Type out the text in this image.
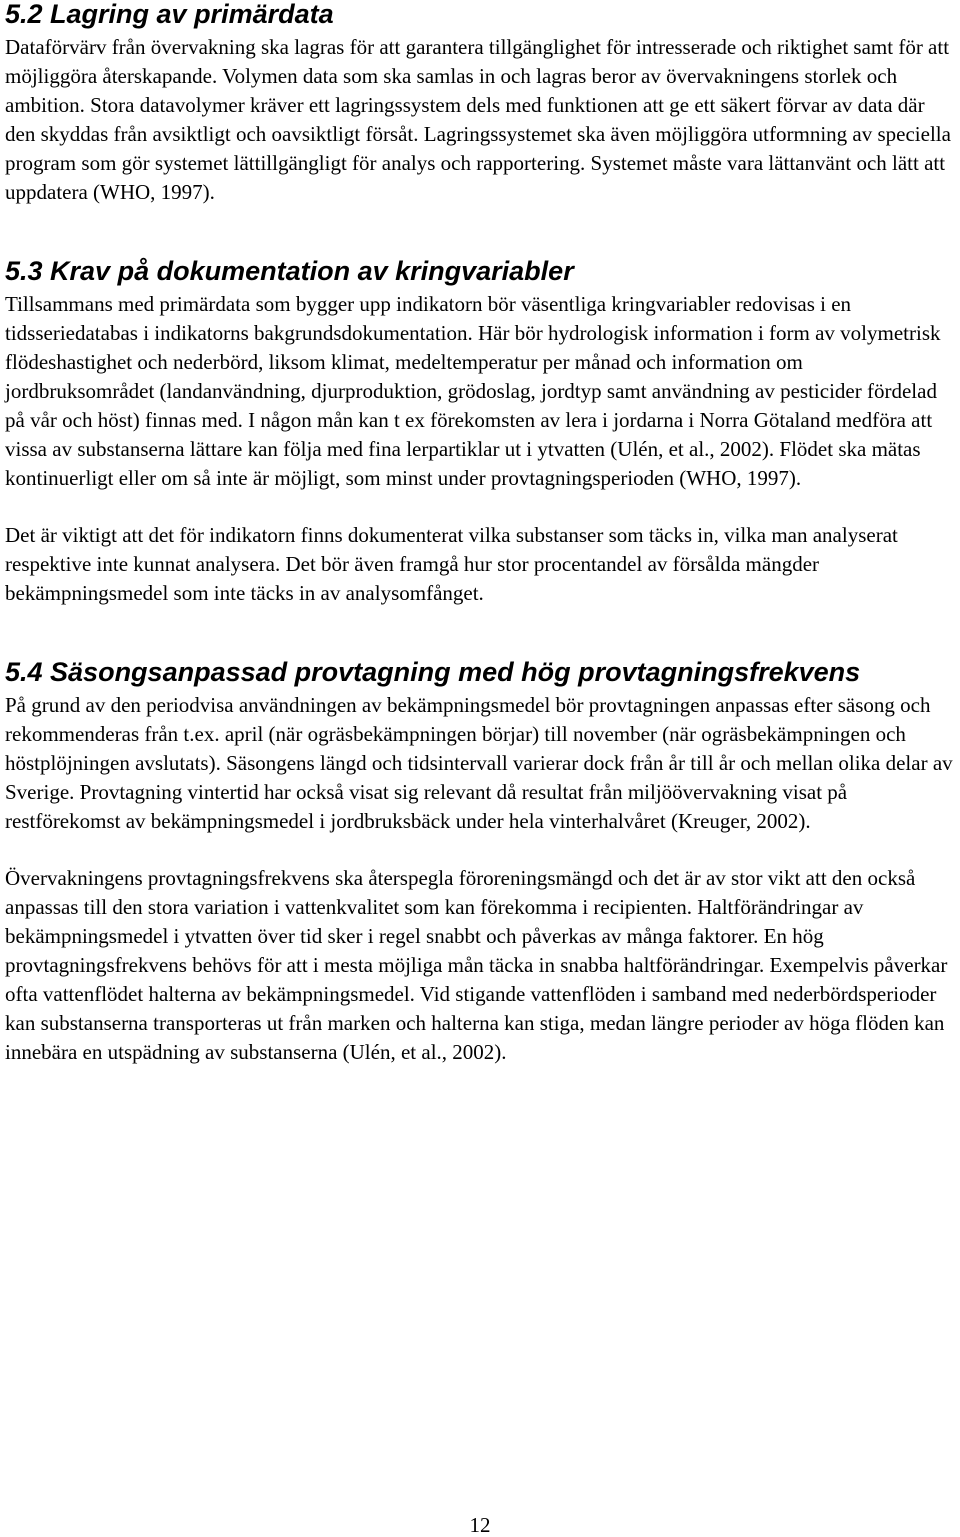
5.2 Lagring av primärdata

Dataförvärv från övervakning ska lagras för att garantera tillgänglighet för intresserade och riktighet samt för att möjliggöra återskapande. Volymen data som ska samlas in och lagras beror av övervakningens storlek och ambition. Stora datavolymer kräver ett lagringssystem dels med funktionen att ge ett säkert förvar av data där den skyddas från avsiktligt och oavsiktligt försåt. Lagringssystemet ska även möjliggöra utformning av speciella program som gör systemet lättillgängligt för analys och rapportering. Systemet måste vara lättanvänt och lätt att uppdatera (WHO, 1997).

5.3 Krav på dokumentation av kringvariabler

Tillsammans med primärdata som bygger upp indikatorn bör väsentliga kringvariabler redovisas i en tidsseriedatabas i indikatorns bakgrundsdokumentation. Här bör hydrologisk information i form av volymetrisk flödeshastighet och nederbörd, liksom klimat, medeltemperatur per månad och information om jordbruksområdet (landanvändning, djurproduktion, grödoslag, jordtyp samt användning av pesticider fördelad på vår och höst) finnas med. I någon mån kan t ex förekomsten av lera i jordarna i Norra Götaland medföra att vissa av substanserna lättare kan följa med fina lerpartiklar ut i ytvatten (Ulén, et al., 2002). Flödet ska mätas kontinuerligt eller om så inte är möjligt, som minst under provtagningsperioden (WHO, 1997).

Det är viktigt att det för indikatorn finns dokumenterat vilka substanser som täcks in, vilka man analyserat respektive inte kunnat analysera. Det bör även framgå hur stor procentandel av försålda mängder bekämpningsmedel som inte täcks in av analysomfånget.

5.4 Säsongsanpassad provtagning med hög provtagningsfrekvens

På grund av den periodvisa användningen av bekämpningsmedel bör provtagningen anpassas efter säsong och rekommenderas från t.ex. april (när ogräsbekämpningen börjar) till november (när ogräsbekämpningen och höstplöjningen avslutats). Säsongens längd och tidsintervall varierar dock från år till år och mellan olika delar av Sverige. Provtagning vintertid har också visat sig relevant då resultat från miljöövervakning visat på restförekomst av bekämpningsmedel i jordbruksbäck under hela vinterhalvåret (Kreuger, 2002).

Övervakningens provtagningsfrekvens ska återspegla föroreningsmängd och det är av stor vikt att den också anpassas till den stora variation i vattenkvalitet som kan förekomma i recipienten. Haltförändringar av bekämpningsmedel i ytvatten över tid sker i regel snabbt och påverkas av många faktorer. En hög provtagningsfrekvens behövs för att i mesta möjliga mån täcka in snabba haltförändringar. Exempelvis påverkar ofta vattenflödet halterna av bekämpningsmedel. Vid stigande vattenflöden i samband med nederbördsperioder kan substanserna transporteras ut från marken och halterna kan stiga, medan längre perioder av höga flöden kan innebära en utspädning av substanserna (Ulén, et al., 2002).

12
